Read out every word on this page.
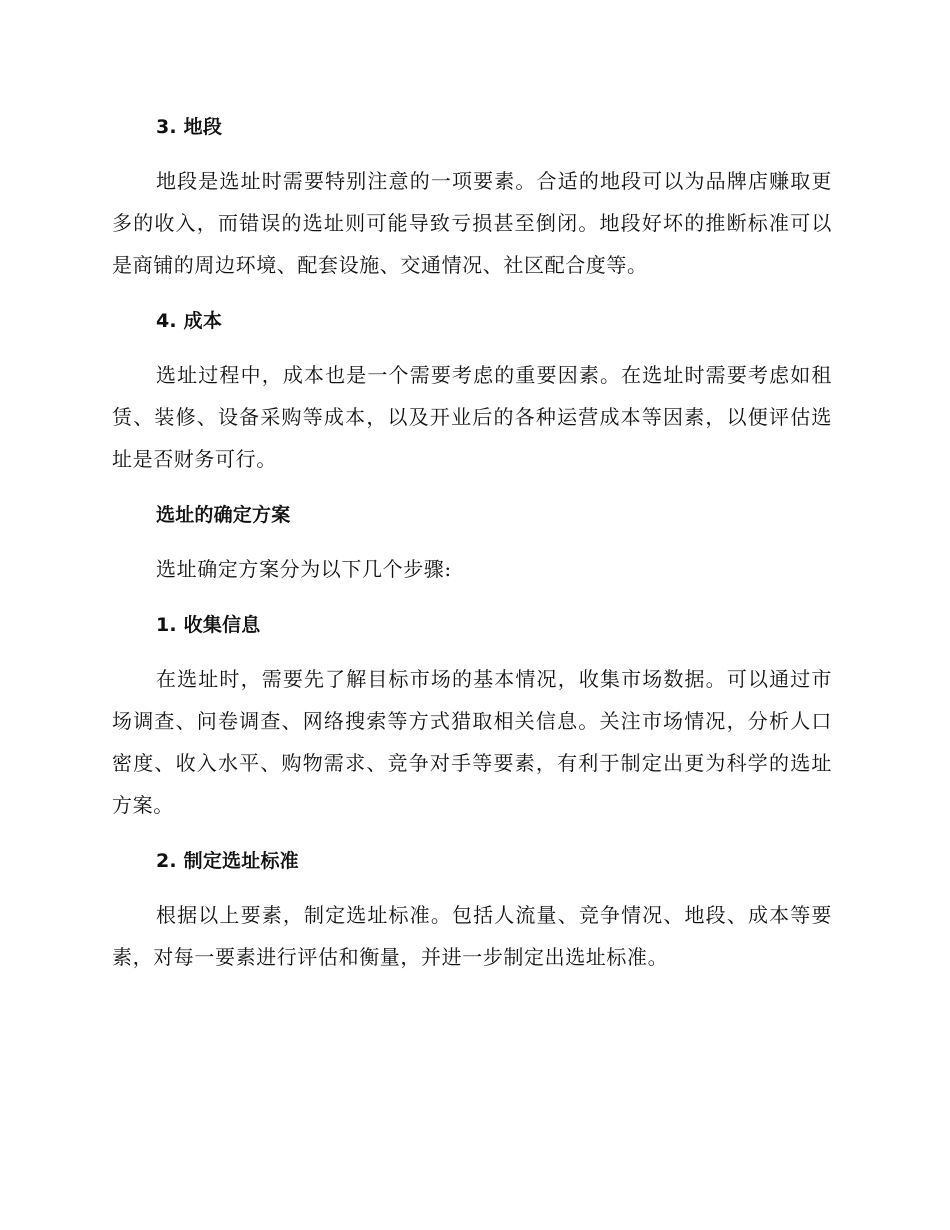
3. 地段

地段是选址时需要特别注意的一项要素。合适的地段可以为品牌店赚取更多的收入，而错误的选址则可能导致亏损甚至倒闭。地段好坏的推断标准可以是商铺的周边环境、配套设施、交通情况、社区配合度等。

4. 成本

选址过程中，成本也是一个需要考虑的重要因素。在选址时需要考虑如租赁、装修、设备采购等成本，以及开业后的各种运营成本等因素，以便评估选址是否财务可行。

选址的确定方案

选址确定方案分为以下几个步骤:

1. 收集信息

在选址时，需要先了解目标市场的基本情况，收集市场数据。可以通过市场调查、问卷调查、网络搜索等方式猎取相关信息。关注市场情况，分析人口密度、收入水平、购物需求、竞争对手等要素，有利于制定出更为科学的选址方案。

2. 制定选址标准

根据以上要素，制定选址标准。包括人流量、竞争情况、地段、成本等要素，对每一要素进行评估和衡量，并进一步制定出选址标准。
